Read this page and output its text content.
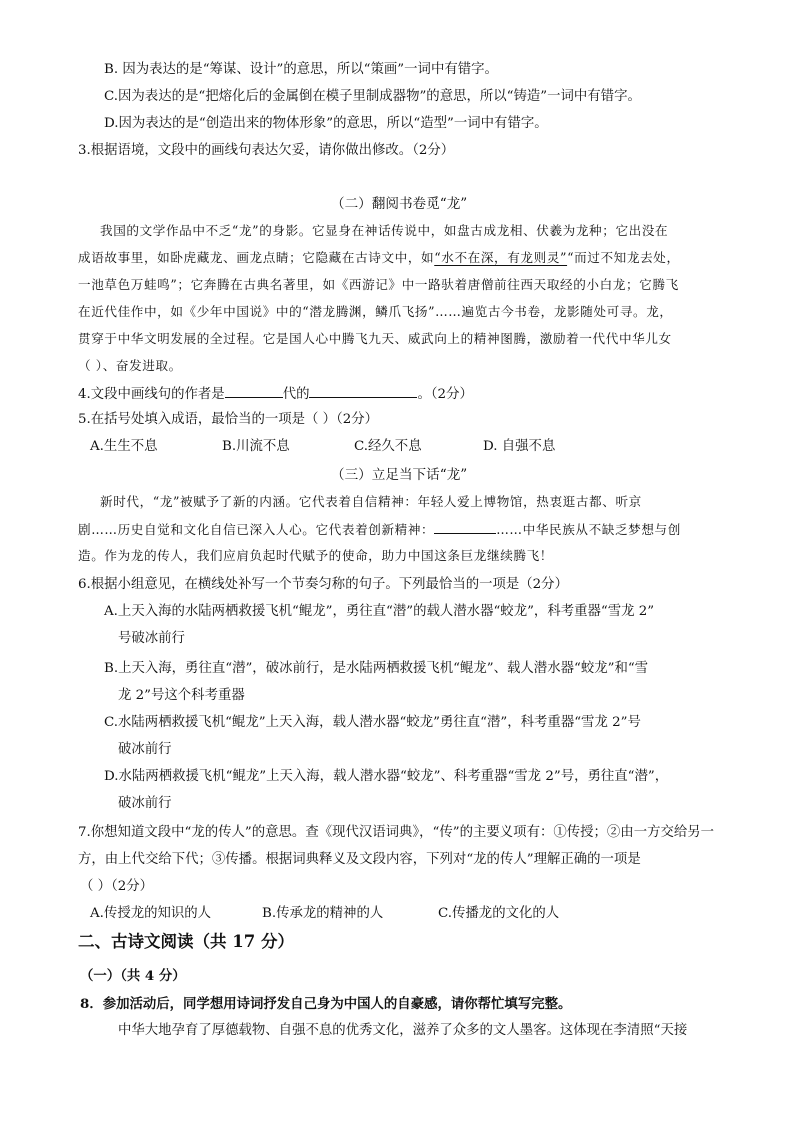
B. 因为表达的是“筹谋、设计”的意思，所以“策画”一词中有错字。
C.因为表达的是“把熔化后的金属倒在模子里制成器物”的意思，所以“铸造”一词中有错字。
D.因为表达的是“创造出来的物体形象”的意思，所以“造型”一词中有错字。
3.根据语境，文段中的画线句表达欠妥，请你做出修改。（2分）
（二）翻阅书卷觅“龙”
我国的文学作品中不乏“龙”的身影。它显身在神话传说中，如盘古成龙相、伏羲为龙种；它出没在
成语故事里，如卧虎藏龙、画龙点睛；它隐藏在古诗文中，如“水不在深，有龙则灵”“而过不知龙去处，
一池草色万蛙鸣”；它奔腾在古典名著里，如《西游记》中一路驮着唐僧前往西天取经的小白龙；它腾飞
在近代佳作中，如《少年中国说》中的“潜龙腾渊，鳞爪飞扬”……遍览古今书卷，龙影随处可寻。龙，
贯穿于中华文明发展的全过程。它是国人心中腾飞九天、威武向上的精神图腾，激励着一代代中华儿女
（ ）、奋发进取。
4.文段中画线句的作者是	代的	。（2分）
5.在括号处填入成语，最恰当的一项是（ ）（2分）
A.生生不息	B.川流不息	C.经久不息	D. 自强不息
（三）立足当下话“龙”
新时代，“龙”被赋予了新的内涵。它代表着自信精神：年轻人爱上博物馆，热衷逛古都、听京
剧……历史自觉和文化自信已深入人心。它代表着创新精神：	……中华民族从不缺乏梦想与创
造。作为龙的传人，我们应肩负起时代赋予的使命，助力中国这条巨龙继续腾飞！
6.根据小组意见，在横线处补写一个节奏匀称的句子。下列最恰当的一项是（2分）
A.上天入海的水陆两栖救援飞机“鲲龙”，勇往直“潜”的载人潜水器“蛟龙”，科考重器“雪龙 2”
号破冰前行
B.上天入海，勇往直“潜”，破冰前行，是水陆两栖救援飞机“鲲龙”、载人潜水器“蛟龙”和“雪
龙 2”号这个科考重器
C.水陆两栖救援飞机“鲲龙”上天入海，载人潜水器“蛟龙”勇往直“潜”，科考重器“雪龙 2”号
破冰前行
D.水陆两栖救援飞机“鲲龙”上天入海，载人潜水器“蛟龙”、科考重器“雪龙 2”号，勇往直“潜”，
破冰前行
7.你想知道文段中“龙的传人”的意思。查《现代汉语词典》，“传”的主要义项有：①传授；②由一方交给另一
方，由上代交给下代；③传播。根据词典释义及文段内容，下列对“龙的传人”理解正确的一项是
（ ）（2分）
A.传授龙的知识的人	B.传承龙的精神的人	C.传播龙的文化的人
二、古诗文阅读（共 17 分）
（一）（共 4 分）
8．参加活动后，同学想用诗词抒发自己身为中国人的自豪感，请你帮忙填写完整。
中华大地孕育了厚德载物、自强不息的优秀文化，滋养了众多的文人墨客。这体现在李清照“天接
